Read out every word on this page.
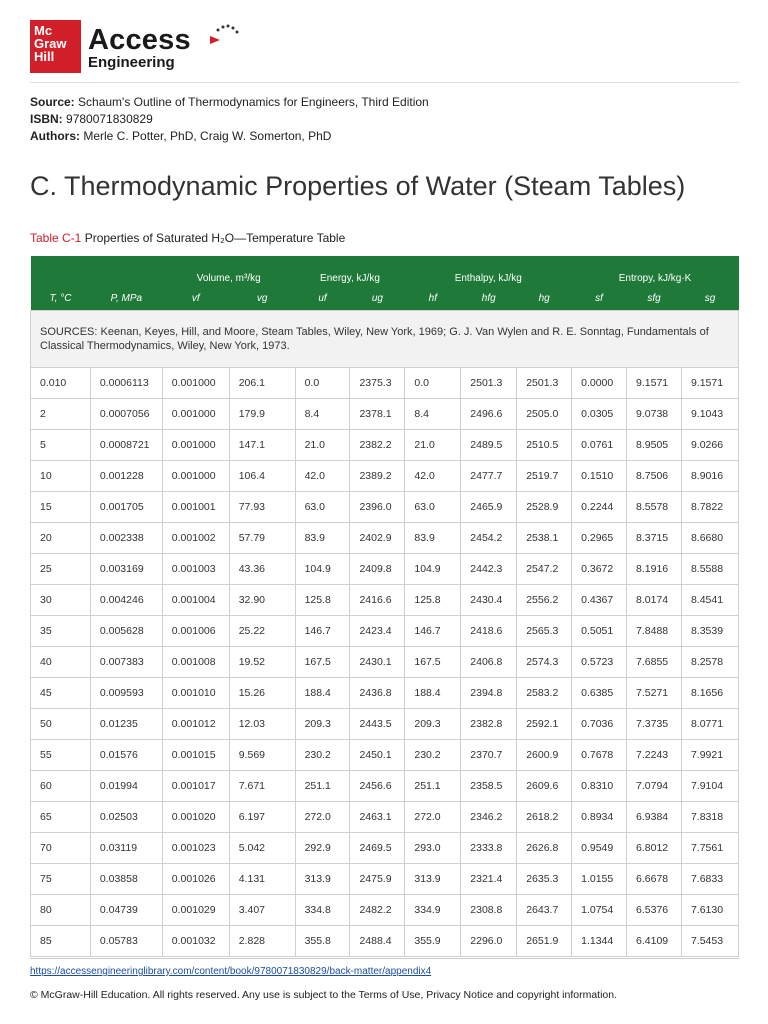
Mc
Graw
Hill
Access
Engineering
Source: Schaum's Outline of Thermodynamics for Engineers, Third Edition
ISBN: 9780071830829
Authors: Merle C. Potter, PhD, Craig W. Somerton, PhD
C. Thermodynamic Properties of Water (Steam Tables)
Table C-1 Properties of Saturated H₂O—Temperature Table
		Volume, m³/kg		Energy, kJ/kg		Enthalpy, kJ/kg			Entropy, kJ/kg·K		
T, °C	P, MPa	vf	vg	uf	ug	hf	hfg	hg	sf	sfg	sg
SOURCES: Keenan, Keyes, Hill, and Moore, Steam Tables, Wiley, New York, 1969; G. J. Van Wylen and R. E. Sonntag, Fundamentals of Classical Thermodynamics, Wiley, New York, 1973.											
0.010	0.0006113	0.001000	206.1	0.0	2375.3	0.0	2501.3	2501.3	0.0000	9.1571	9.1571
2	0.0007056	0.001000	179.9	8.4	2378.1	8.4	2496.6	2505.0	0.0305	9.0738	9.1043
5	0.0008721	0.001000	147.1	21.0	2382.2	21.0	2489.5	2510.5	0.0761	8.9505	9.0266
10	0.001228	0.001000	106.4	42.0	2389.2	42.0	2477.7	2519.7	0.1510	8.7506	8.9016
15	0.001705	0.001001	77.93	63.0	2396.0	63.0	2465.9	2528.9	0.2244	8.5578	8.7822
20	0.002338	0.001002	57.79	83.9	2402.9	83.9	2454.2	2538.1	0.2965	8.3715	8.6680
25	0.003169	0.001003	43.36	104.9	2409.8	104.9	2442.3	2547.2	0.3672	8.1916	8.5588
30	0.004246	0.001004	32.90	125.8	2416.6	125.8	2430.4	2556.2	0.4367	8.0174	8.4541
35	0.005628	0.001006	25.22	146.7	2423.4	146.7	2418.6	2565.3	0.5051	7.8488	8.3539
40	0.007383	0.001008	19.52	167.5	2430.1	167.5	2406.8	2574.3	0.5723	7.6855	8.2578
45	0.009593	0.001010	15.26	188.4	2436.8	188.4	2394.8	2583.2	0.6385	7.5271	8.1656
50	0.01235	0.001012	12.03	209.3	2443.5	209.3	2382.8	2592.1	0.7036	7.3735	8.0771
55	0.01576	0.001015	9.569	230.2	2450.1	230.2	2370.7	2600.9	0.7678	7.2243	7.9921
60	0.01994	0.001017	7.671	251.1	2456.6	251.1	2358.5	2609.6	0.8310	7.0794	7.9104
65	0.02503	0.001020	6.197	272.0	2463.1	272.0	2346.2	2618.2	0.8934	6.9384	7.8318
70	0.03119	0.001023	5.042	292.9	2469.5	293.0	2333.8	2626.8	0.9549	6.8012	7.7561
75	0.03858	0.001026	4.131	313.9	2475.9	313.9	2321.4	2635.3	1.0155	6.6678	7.6833
80	0.04739	0.001029	3.407	334.8	2482.2	334.9	2308.8	2643.7	1.0754	6.5376	7.6130
85	0.05783	0.001032	2.828	355.8	2488.4	355.9	2296.0	2651.9	1.1344	6.4109	7.5453
https://accessengineeringlibrary.com/content/book/9780071830829/back-matter/appendix4
© McGraw-Hill Education. All rights reserved. Any use is subject to the Terms of Use, Privacy Notice and copyright information.
